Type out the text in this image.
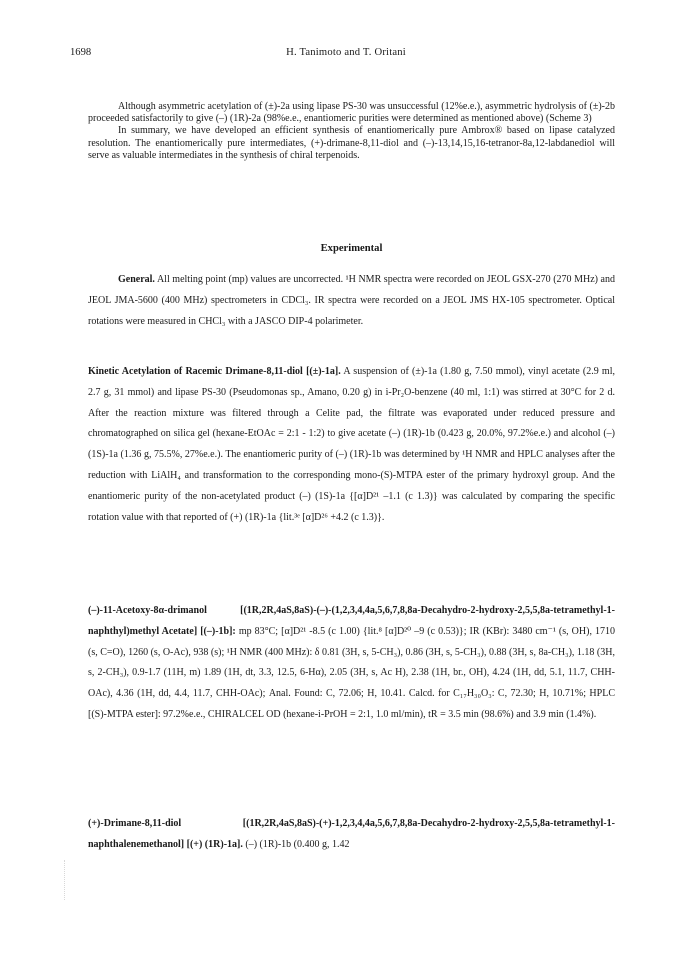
1698	H. Tanimoto and T. Oritani

Although asymmetric acetylation of (±)-2a using lipase PS-30 was unsuccessful (12%e.e.), asymmetric hydrolysis of (±)-2b proceeded satisfactorily to give (–) (1R)-2a (98%e.e., enantiomeric purities were determined as mentioned above) (Scheme 3)

In summary, we have developed an efficient synthesis of enantiomerically pure Ambrox® based on lipase catalyzed resolution. The enantiomerically pure intermediates, (+)-drimane-8,11-diol and (–)-13,14,15,16-tetranor-8a,12-labdanediol will serve as valuable intermediates in the synthesis of chiral terpenoids.

Experimental

General. All melting point (mp) values are uncorrected. ¹H NMR spectra were recorded on JEOL GSX-270 (270 MHz) and JEOL JMA-5600 (400 MHz) spectrometers in CDCl₃. IR spectra were recorded on a JEOL JMS HX-105 spectrometer. Optical rotations were measured in CHCl₃ with a JASCO DIP-4 polarimeter.

Kinetic Acetylation of Racemic Drimane-8,11-diol [(±)-1a]. A suspension of (±)-1a (1.80 g, 7.50 mmol), vinyl acetate (2.9 ml, 2.7 g, 31 mmol) and lipase PS-30 (Pseudomonas sp., Amano, 0.20 g) in i-Pr₂O-benzene (40 ml, 1:1) was stirred at 30°C for 2 d. After the reaction mixture was filtered through a Celite pad, the filtrate was evaporated under reduced pressure and chromatographed on silica gel (hexane-EtOAc = 2:1 - 1:2) to give acetate (–) (1R)-1b (0.423 g, 20.0%, 97.2%e.e.) and alcohol (–) (1S)-1a (1.36 g, 75.5%, 27%e.e.). The enantiomeric purity of (–) (1R)-1b was determined by ¹H NMR and HPLC analyses after the reduction with LiAlH₄ and transformation to the corresponding mono-(S)-MTPA ester of the primary hydroxyl group. And the enantiomeric purity of the non-acetylated product (–) (1S)-1a {[α]D²¹ –1.1 (c 1.3)} was calculated by comparing the specific rotation value with that reported of (+) (1R)-1a {lit.³ᵉ [α]D²⁶ +4.2 (c 1.3)}.

(–)-11-Acetoxy-8α-drimanol [(1R,2R,4aS,8aS)-(–)-(1,2,3,4,4a,5,6,7,8,8a-Decahydro-2-hydroxy-2,5,5,8a-tetramethyl-1-naphthyl)methyl Acetate] [(–)-1b]: mp 83°C; [α]D²¹ -8.5 (c 1.00) {lit.⁸ [α]D²⁰ –9 (c 0.53)}; IR (KBr): 3480 cm⁻¹ (s, OH), 1710 (s, C=O), 1260 (s, O-Ac), 938 (s); ¹H NMR (400 MHz): δ 0.81 (3H, s, 5-CH₃), 0.86 (3H, s, 5-CH₃), 0.88 (3H, s, 8a-CH₃), 1.18 (3H, s, 2-CH₃), 0.9-1.7 (11H, m) 1.89 (1H, dt, 3.3, 12.5, 6-Hα), 2.05 (3H, s, Ac H), 2.38 (1H, br., OH), 4.24 (1H, dd, 5.1, 11.7, CHH-OAc), 4.36 (1H, dd, 4.4, 11.7, CHH-OAc); Anal. Found: C, 72.06; H, 10.41. Calcd. for C₁₇H₃₀O₃: C, 72.30; H, 10.71%; HPLC [(S)-MTPA ester]: 97.2%e.e., CHIRALCEL OD (hexane-i-PrOH = 2:1, 1.0 ml/min), tR = 3.5 min (98.6%) and 3.9 min (1.4%).

(+)-Drimane-8,11-diol [(1R,2R,4aS,8aS)-(+)-1,2,3,4,4a,5,6,7,8,8a-Decahydro-2-hydroxy-2,5,5,8a-tetramethyl-1-naphthalenemethanol] [(+) (1R)-1a]. (–) (1R)-1b (0.400 g, 1.42
